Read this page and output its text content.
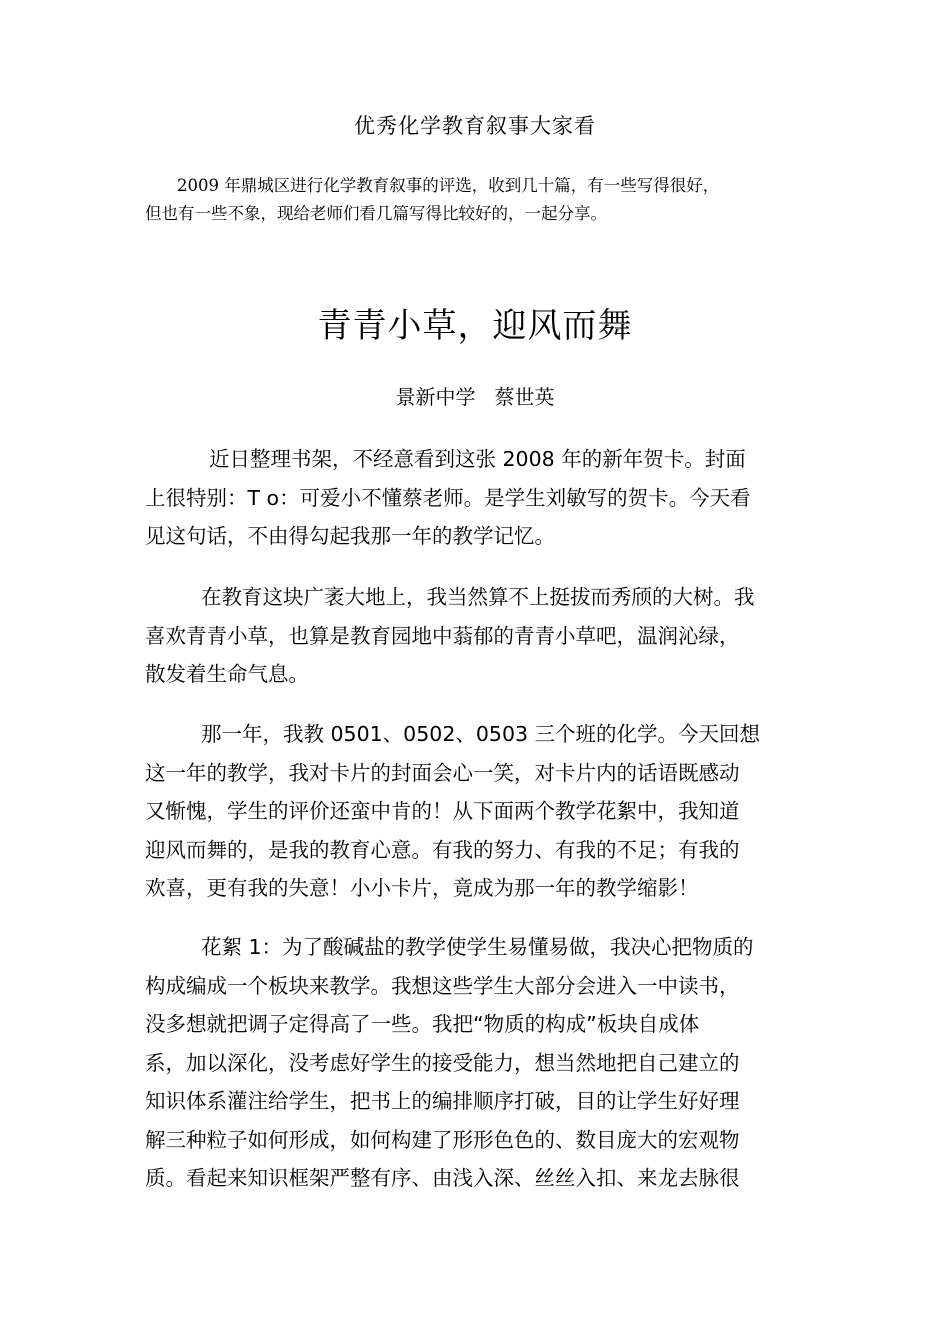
优秀化学教育叙事大家看
2009 年鼎城区进行化学教育叙事的评选，收到几十篇，有一些写得很好，
但也有一些不象，现给老师们看几篇写得比较好的，一起分享。
青青小草，迎风而舞
景新中学   蔡世英
近日整理书架，不经意看到这张 2008 年的新年贺卡。封面
上很特别：T o：可爱小不懂蔡老师。是学生刘敏写的贺卡。今天看
见这句话，不由得勾起我那一年的教学记忆。
在教育这块广袤大地上，我当然算不上挺拔而秀颀的大树。我
喜欢青青小草，也算是教育园地中蓊郁的青青小草吧，温润沁绿，
散发着生命气息。
那一年，我教 0501、0502、0503 三个班的化学。今天回想
这一年的教学，我对卡片的封面会心一笑，对卡片内的话语既感动
又惭愧，学生的评价还蛮中肯的！从下面两个教学花絮中，我知道
迎风而舞的，是我的教育心意。有我的努力、有我的不足；有我的
欢喜，更有我的失意！小小卡片，竟成为那一年的教学缩影！
花絮 1：为了酸碱盐的教学使学生易懂易做，我决心把物质的
构成编成一个板块来教学。我想这些学生大部分会进入一中读书，
没多想就把调子定得高了一些。我把“物质的构成”板块自成体
系，加以深化，没考虑好学生的接受能力，想当然地把自己建立的
知识体系灌注给学生，把书上的编排顺序打破，目的让学生好好理
解三种粒子如何形成，如何构建了形形色色的、数目庞大的宏观物
质。看起来知识框架严整有序、由浅入深、丝丝入扣、来龙去脉很
